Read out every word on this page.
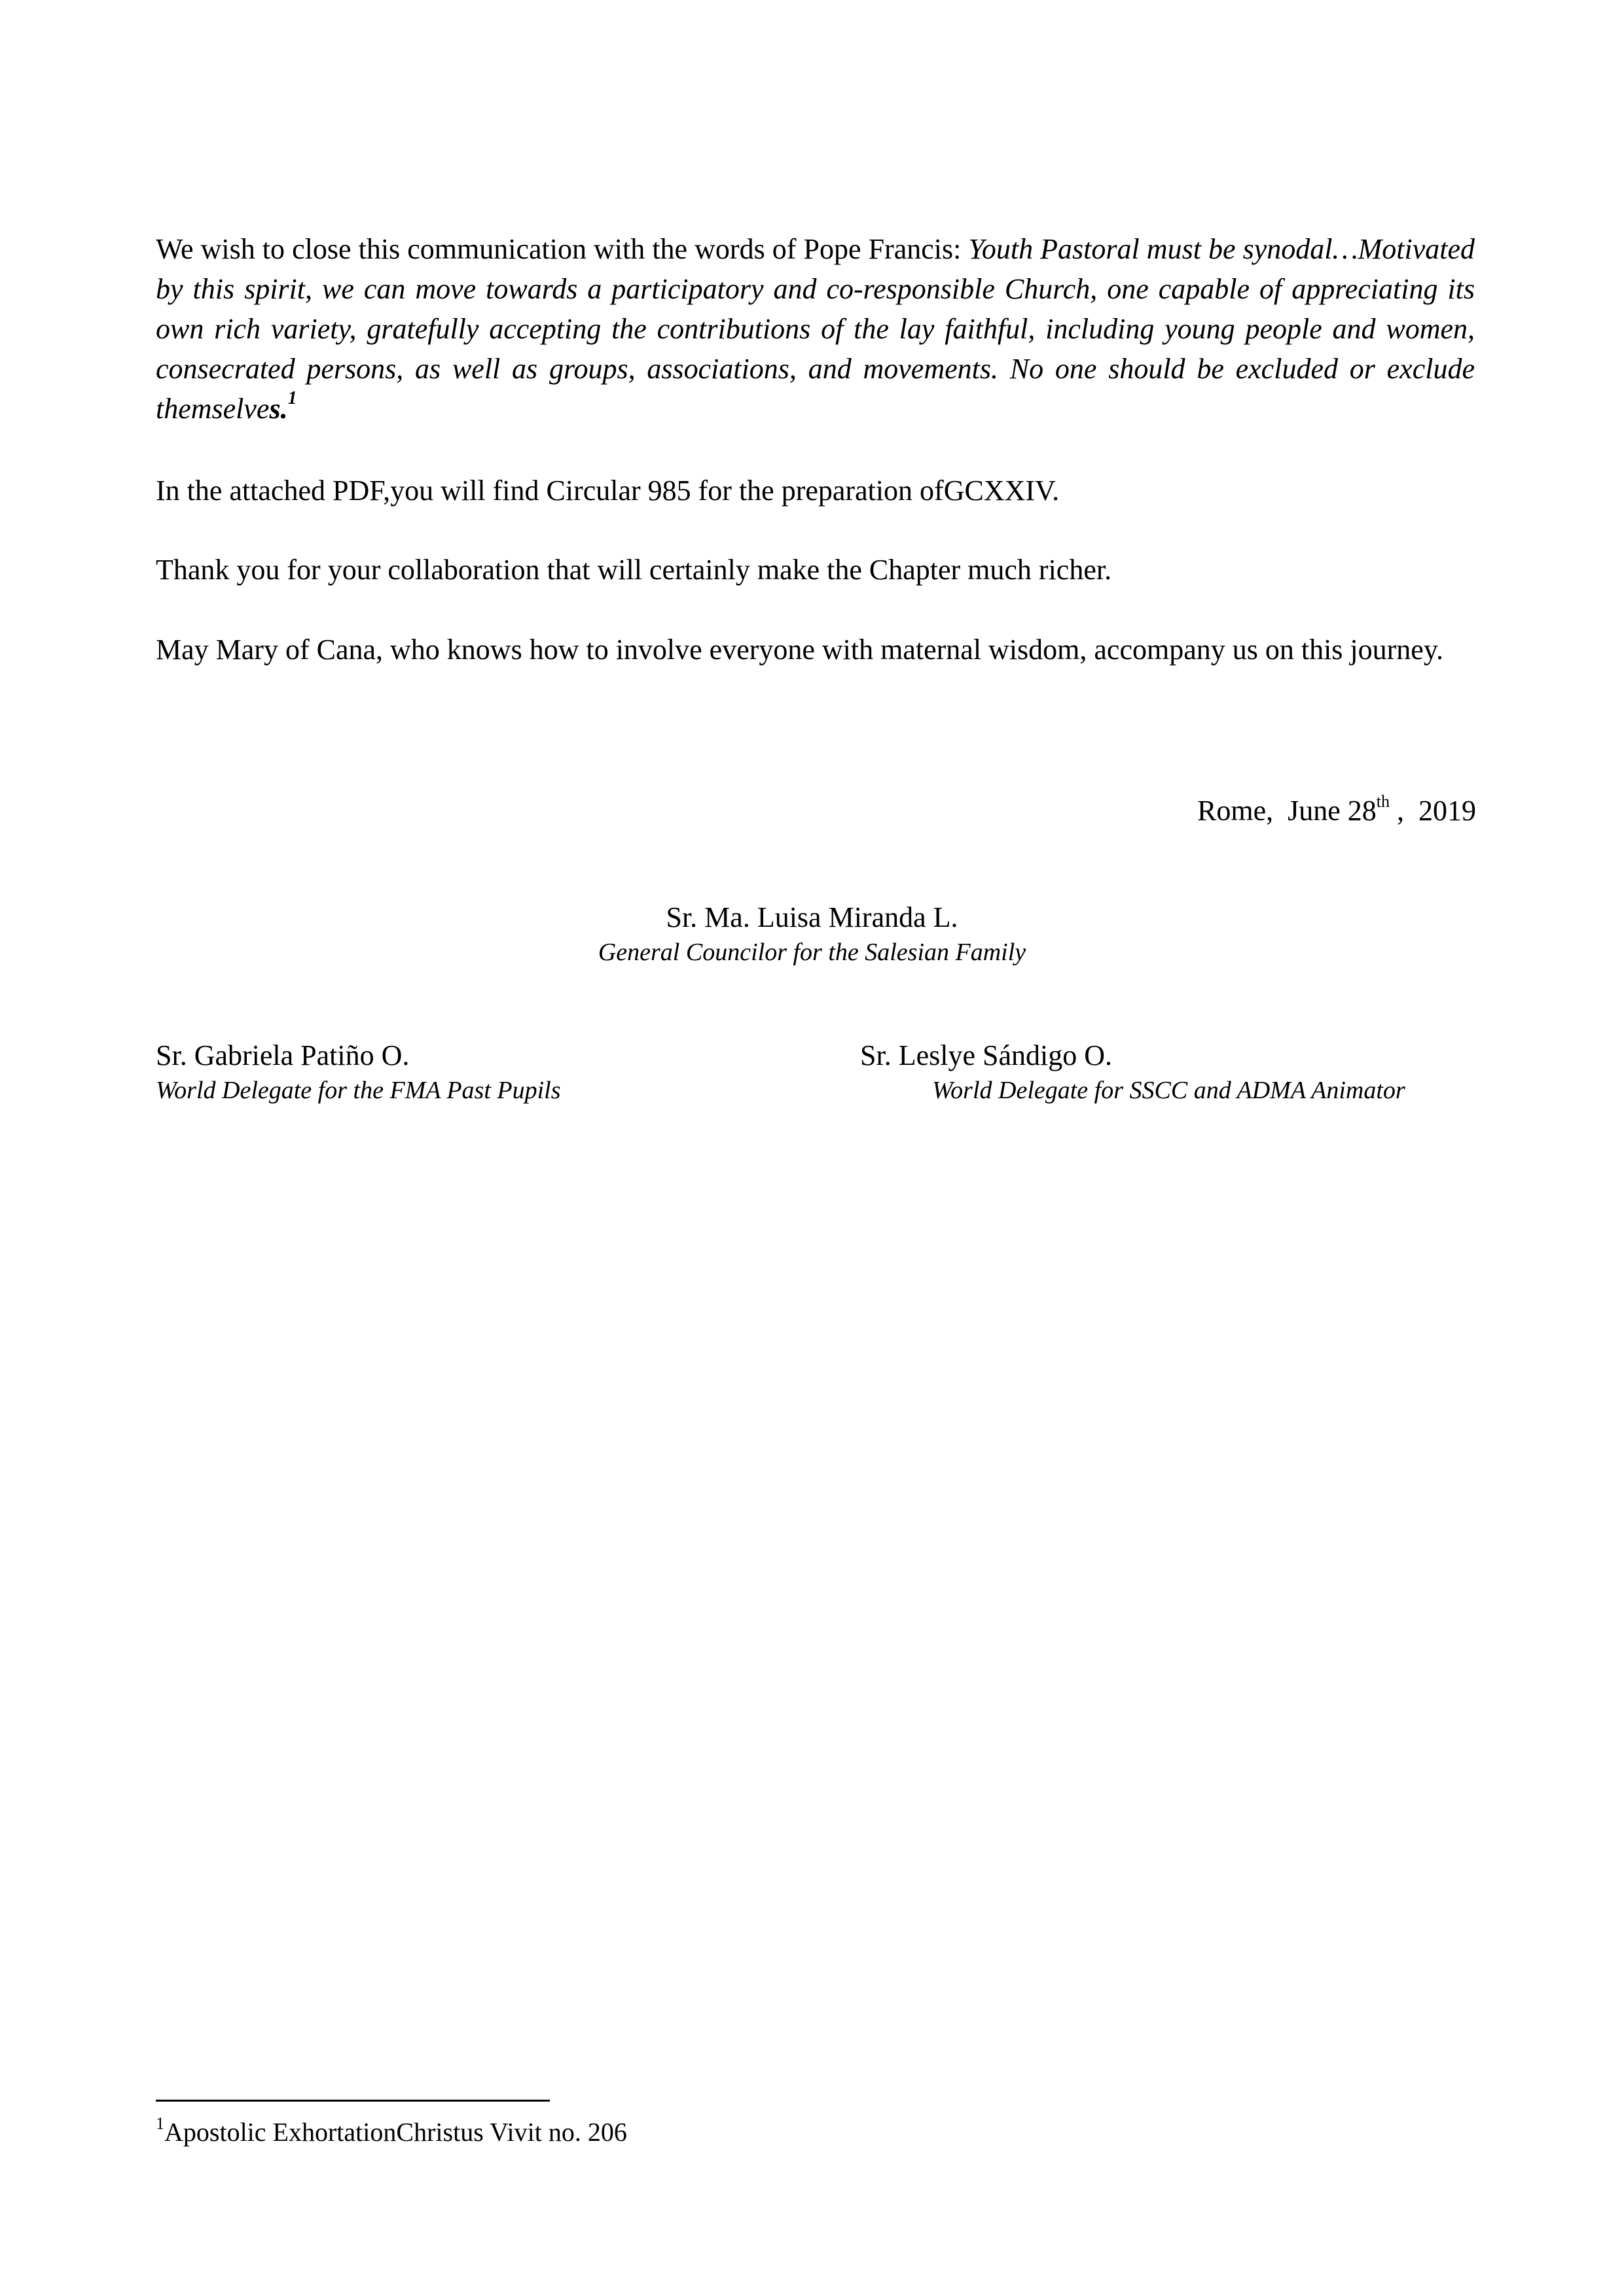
We wish to close this communication with the words of Pope Francis: Youth Pastoral must be synodal…Motivated by this spirit, we can move towards a participatory and co-responsible Church, one capable of appreciating its own rich variety, gratefully accepting the contributions of the lay faithful, including young people and women, consecrated persons, as well as groups, associations, and movements. No one should be excluded or exclude themselves.$^1$

In the attached PDF,you will find Circular 985 for the preparation ofGCXXIV.

Thank you for your collaboration that will certainly make the Chapter much richer.

May Mary of Cana, who knows how to involve everyone with maternal wisdom, accompany us on this journey.

Rome,  June 28th ,  2019
Sr. Ma. Luisa Miranda L.
General Councilor for the Salesian Family
Sr. Gabriela Patiño O.
World Delegate for the FMA Past Pupils
Sr. Leslye Sándigo O.
World Delegate for SSCC and ADMA Animator
$^1$Apostolic ExhortationChristus Vivit no. 206
